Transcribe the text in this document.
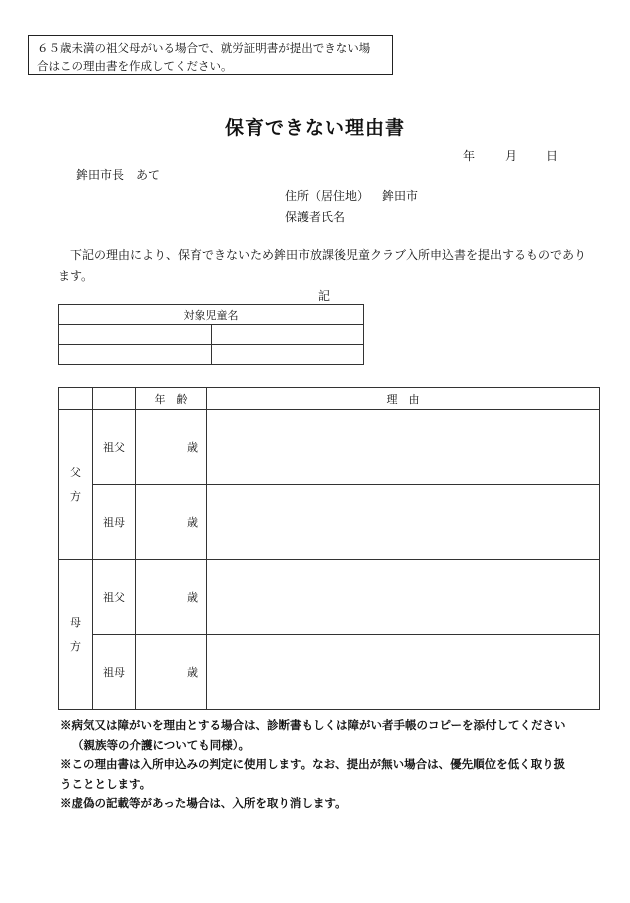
６５歳未満の祖父母がいる場合で、就労証明書が提出できない場
合はこの理由書を作成してください。
保育できない理由書
年 月 日
鉾田市長　あて
住所（居住地） 鉾田市
保護者氏名
下記の理由により、保育できないため鉾田市放課後児童クラブ入所申込書を提出するものであります。
記
対象児童名	

		年　齢	理　由
父
方	祖父	歳	
	祖母	歳	
母
方	祖父	歳	
	祖母	歳	

※病気又は障がいを理由とする場合は、診断書もしくは障がい者手帳のコピーを添付してください

（親族等の介護についても同様）。

※この理由書は入所申込みの判定に使用します。なお、提出が無い場合は、優先順位を低く取り扱

うこととします。

※虚偽の記載等があった場合は、入所を取り消します。
